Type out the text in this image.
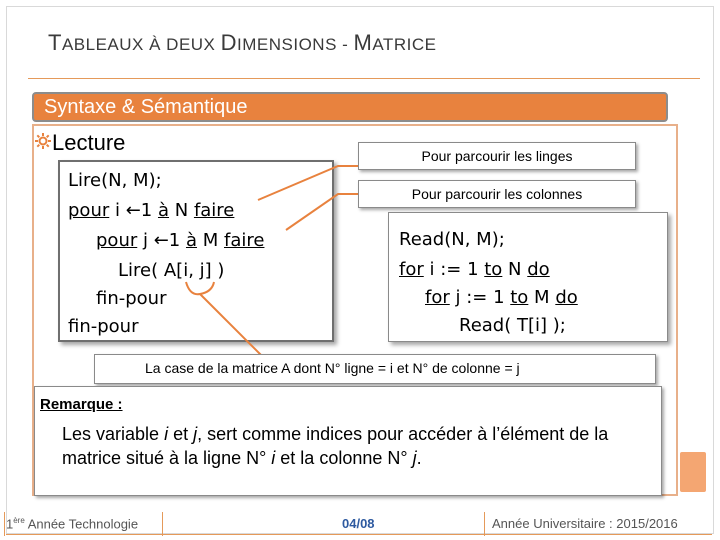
TABLEAUX À DEUX DIMENSIONS - MATRICE
Syntaxe & Sémantique
Lecture
Lire(N, M);
pour i ←1 à N faire
pour j ←1 à M faire
Lire( A[i, j] )
fin-pour
fin-pour
Pour parcourir les linges
Pour parcourir les colonnes
Read(N, M);
for i := 1 to N do
for j := 1 to M do
Read( T[i] );
La case de la matrice A dont N° ligne = i et N° de colonne = j
Remarque :
Les variable i et j, sert comme indices pour accéder à l’élément de la matrice situé à la ligne N° i et la colonne N° j.
1ère Année Technologie	04/08	Année Universitaire : 2015/2016
